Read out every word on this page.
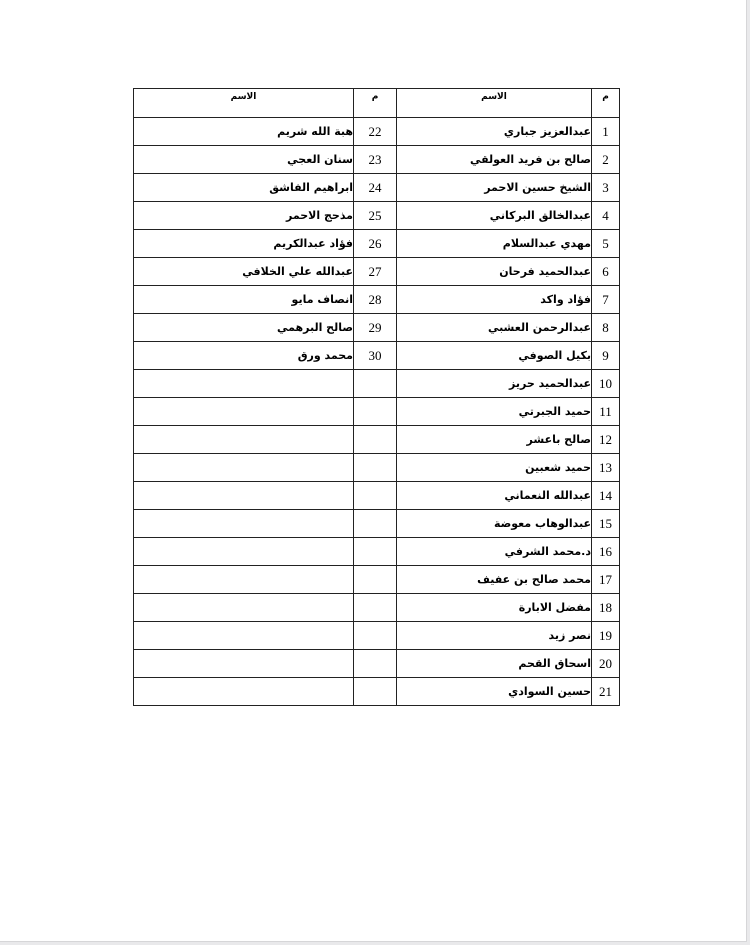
م	الاسم	م	الاسم
1	عبدالعزيز جباري	22	هبة الله شريم
2	صالح بن فريد العولقي	23	سنان العجي
3	الشيخ حسين الاحمر	24	ابراهيم الفاشق
4	عبدالخالق البركاني	25	مذحج الاحمر
5	مهدي عبدالسلام	26	فؤاد عبدالكريم
6	عبدالحميد فرحان	27	عبدالله علي الخلافي
7	فؤاد واكد	28	انصاف مايو
8	عبدالرحمن العشبي	29	صالح البرهمي
9	بكيل الصوفي	30	محمد ورق
10	عبدالحميد حريز		
11	حميد الجبرتي		
12	صالح باعشر		
13	حميد شعبين		
14	عبدالله النعماني		
15	عبدالوهاب معوضة		
16	د.محمد الشرفي		
17	محمد صالح بن عفيف		
18	مفضل الابارة		
19	نصر زيد		
20	اسحاق القحم		
21	حسين السوادي		
